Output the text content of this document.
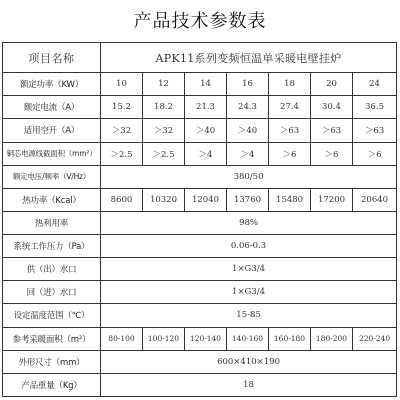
产品技术参数表
项目名称	APK11系列变频恒温单采暖电壁挂炉						
额定功率（KW）	10	12	14	16	18	20	24
额定电流（A）	15.2	18.2	21.3	24.3	27.4	30.4	36.5
适用空开（A）	＞32	＞32	＞40	＞40	＞63	＞63	＞63
铜芯电源线截面积（mm²）	＞2.5	＞2.5	＞4	＞4	＞6	＞6	＞6
额定电压/频率（V/Hz）	380/50						
热功率（Kcal）	8600	10320	12040	13760	15480	17200	20640
热利用率	98%						
系统工作压力（Pa）	0.06-0.3						
供（出）水口	1×G3/4						
回（进）水口	1×G3/4						
设定温度范围（℃）	15-85						
参考采暖面积（m²）	80-100	100-120	120-140	140-160	160-180	180-200	220-240
外形尺寸（mm）	600×410×190						
产品重量（Kg）	18						
